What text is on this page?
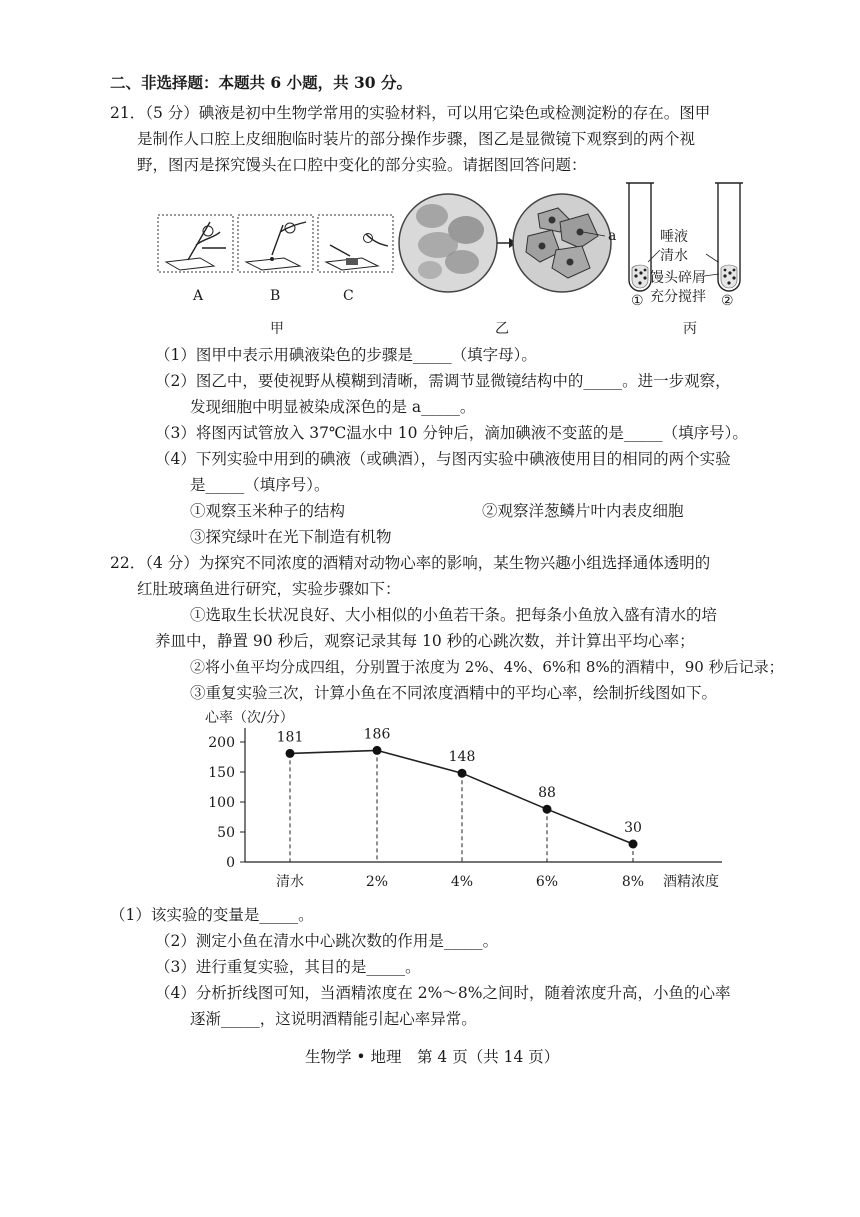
二、非选择题：本题共 6 小题，共 30 分。
21．（5 分）碘液是初中生物学常用的实验材料，可以用它染色或检测淀粉的存在。图甲
是制作人口腔上皮细胞临时装片的部分操作步骤，图乙是显微镜下观察到的两个视
野，图丙是探究馒头在口腔中变化的部分实验。请据图回答问题：
A	B	C
甲
a
乙
唾液
清水
馒头碎屑
充分搅拌
①	②
丙
（1）图甲中表示用碘液染色的步骤是_____（填字母）。
（2）图乙中，要使视野从模糊到清晰，需调节显微镜结构中的_____。进一步观察，
发现细胞中明显被染成深色的是 a_____。
（3）将图丙试管放入 37℃温水中 10 分钟后，滴加碘液不变蓝的是_____（填序号）。
（4）下列实验中用到的碘液（或碘酒），与图丙实验中碘液使用目的相同的两个实验
是_____（填序号）。
①观察玉米种子的结构	②观察洋葱鳞片叶内表皮细胞
③探究绿叶在光下制造有机物
22．（4 分）为探究不同浓度的酒精对动物心率的影响，某生物兴趣小组选择通体透明的
红肚玻璃鱼进行研究，实验步骤如下：
①选取生长状况良好、大小相似的小鱼若干条。把每条小鱼放入盛有清水的培
养皿中，静置 90 秒后，观察记录其每 10 秒的心跳次数，并计算出平均心率；
②将小鱼平均分成四组，分别置于浓度为 2%、4%、6%和 8%的酒精中，90 秒后记录；
③重复实验三次，计算小鱼在不同浓度酒精中的平均心率，绘制折线图如下。
心率（次/分）
0
50
100
150
200
清水	2%	4%	6%	8% 酒精浓度
181	186
148
88
30
（1）该实验的变量是_____。
（2）测定小鱼在清水中心跳次数的作用是_____。
（3）进行重复实验，其目的是_____。
（4）分析折线图可知，当酒精浓度在 2%～8%之间时，随着浓度升高，小鱼的心率
逐渐_____，这说明酒精能引起心率异常。
生物学 • 地理　第 4 页（共 14 页）
